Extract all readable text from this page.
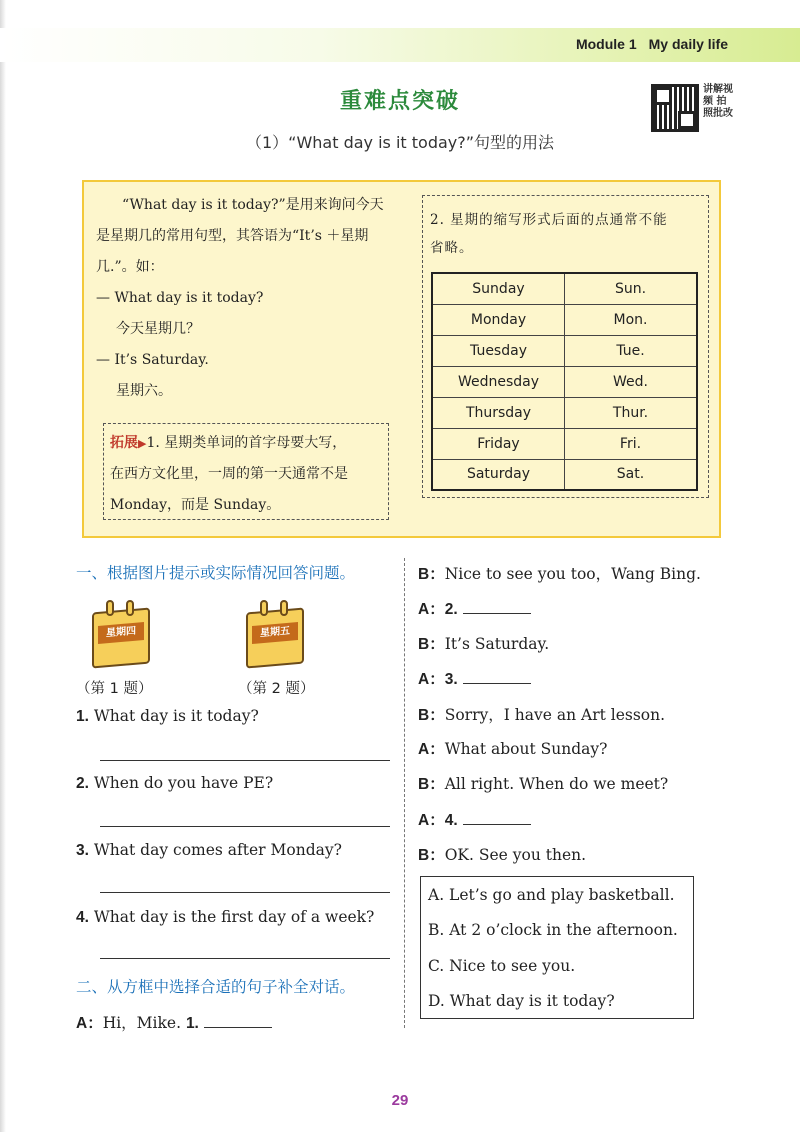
Module 1 My daily life
重难点突破	讲解视频 拍照批改
（1）“What day is it today?”句型的用法

“What day is it today?”是用来询问今天

是星期几的常用句型，其答语为“It’s ＋星期

几.”。如：

— What day is it today?

今天星期几？

— It’s Saturday.

星期六。

拓展▶1. 星期类单词的首字母要大写，

在西方文化里，一周的第一天通常不是

Monday，而是 Sunday。

2. 星期的缩写形式后面的点通常不能

省略。

Sunday	Sun.
Monday	Mon.
Tuesday	Tue.
Wednesday	Wed.
Thursday	Thur.
Friday	Fri.
Saturday	Sat.
一、根据图片提示或实际情况回答问题。
星期四	星期五
（第 1 题）	（第 2 题）
1. What day is it today?
2. When do you have PE?
3. What day comes after Monday?
4. What day is the first day of a week?
二、从方框中选择合适的句子补全对话。
A：Hi，Mike. 1.
B：Nice to see you too，Wang Bing.
A：2.
B：It’s Saturday.
A：3.
B：Sorry，I have an Art lesson.
A：What about Sunday?
B：All right. When do we meet?
A：4.
B：OK. See you then.
A. Let’s go and play basketball.
B. At 2 o’clock in the afternoon.
C. Nice to see you.
D. What day is it today?
29
